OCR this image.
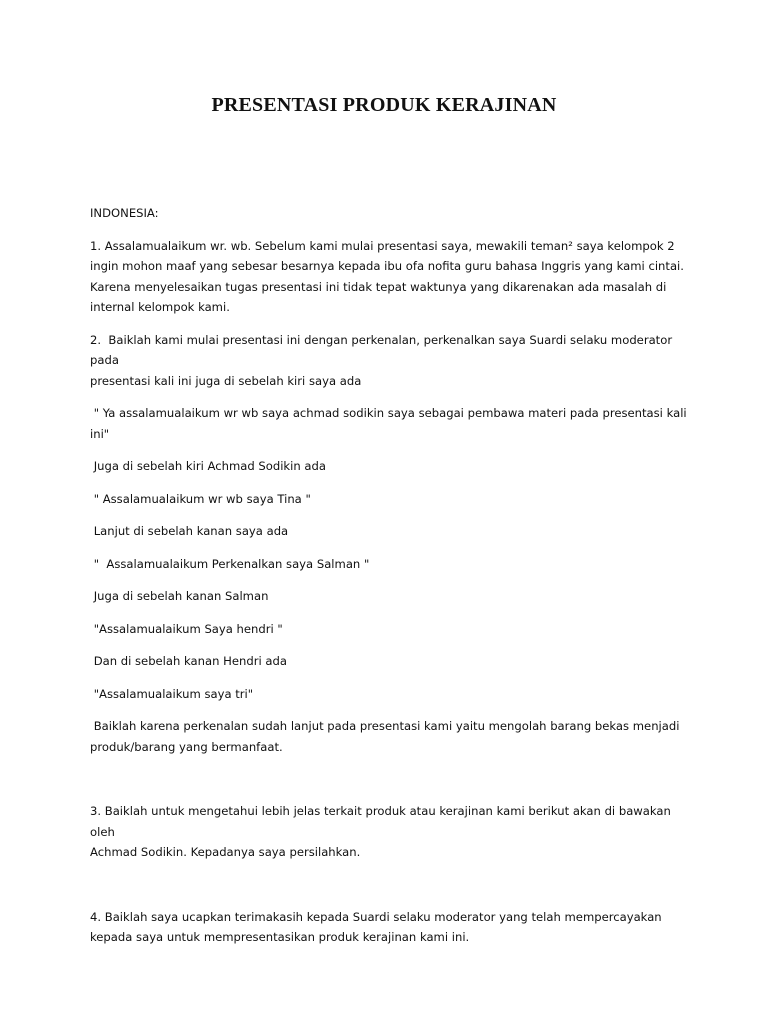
PRESENTASI PRODUK KERAJINAN

INDONESIA:

1. Assalamualaikum wr. wb. Sebelum kami mulai presentasi saya, mewakili teman² saya kelompok 2
ingin mohon maaf yang sebesar besarnya kepada ibu ofa nofita guru bahasa Inggris yang kami cintai.
Karena menyelesaikan tugas presentasi ini tidak tepat waktunya yang dikarenakan ada masalah di
internal kelompok kami.

2.  Baiklah kami mulai presentasi ini dengan perkenalan, perkenalkan saya Suardi selaku moderator pada
presentasi kali ini juga di sebelah kiri saya ada

" Ya assalamualaikum wr wb saya achmad sodikin saya sebagai pembawa materi pada presentasi kali
ini"

Juga di sebelah kiri Achmad Sodikin ada

" Assalamualaikum wr wb saya Tina "

Lanjut di sebelah kanan saya ada

"  Assalamualaikum Perkenalkan saya Salman "

Juga di sebelah kanan Salman

"Assalamualaikum Saya hendri "

Dan di sebelah kanan Hendri ada

"Assalamualaikum saya tri"

Baiklah karena perkenalan sudah lanjut pada presentasi kami yaitu mengolah barang bekas menjadi
produk/barang yang bermanfaat.

3. Baiklah untuk mengetahui lebih jelas terkait produk atau kerajinan kami berikut akan di bawakan oleh
Achmad Sodikin. Kepadanya saya persilahkan.

4. Baiklah saya ucapkan terimakasih kepada Suardi selaku moderator yang telah mempercayakan
kepada saya untuk mempresentasikan produk kerajinan kami ini.
